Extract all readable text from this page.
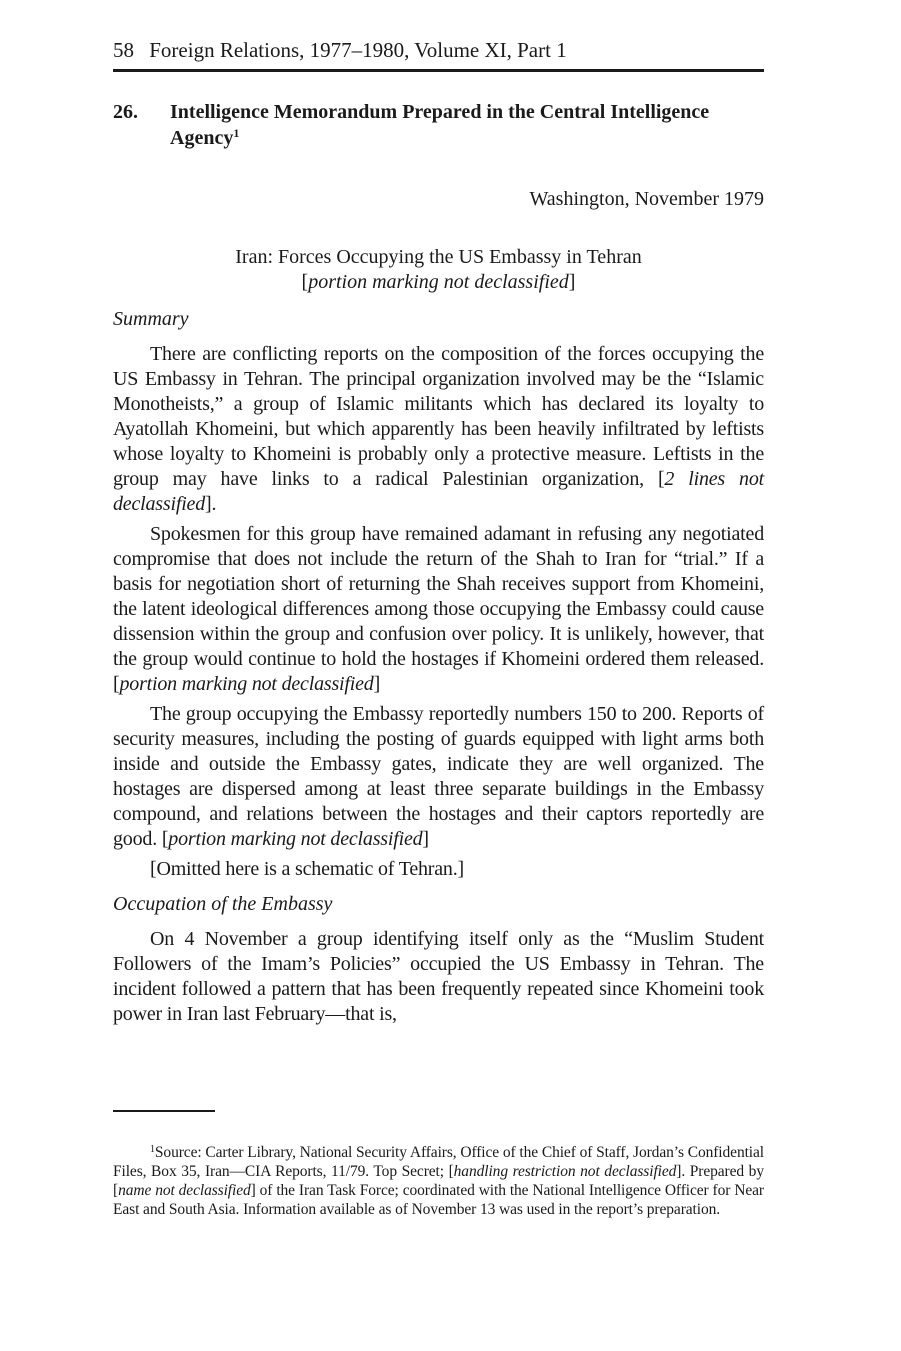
58 Foreign Relations, 1977–1980, Volume XI, Part 1
26. Intelligence Memorandum Prepared in the Central Intelligence Agency$^1$
Washington, November 1979
Iran: Forces Occupying the US Embassy in Tehran
[portion marking not declassified]
Summary

There are conflicting reports on the composition of the forces occupying the US Embassy in Tehran. The principal organization involved may be the “Islamic Monotheists,” a group of Islamic militants which has declared its loyalty to Ayatollah Khomeini, but which apparently has been heavily infiltrated by leftists whose loyalty to Khomeini is probably only a protective measure. Leftists in the group may have links to a radical Palestinian organization, [2 lines not declassified].

Spokesmen for this group have remained adamant in refusing any negotiated compromise that does not include the return of the Shah to Iran for “trial.” If a basis for negotiation short of returning the Shah receives support from Khomeini, the latent ideological differences among those occupying the Embassy could cause dissension within the group and confusion over policy. It is unlikely, however, that the group would continue to hold the hostages if Khomeini ordered them released. [portion marking not declassified]

The group occupying the Embassy reportedly numbers 150 to 200. Reports of security measures, including the posting of guards equipped with light arms both inside and outside the Embassy gates, indicate they are well organized. The hostages are dispersed among at least three separate buildings in the Embassy compound, and relations between the hostages and their captors reportedly are good. [portion marking not declassified]

[Omitted here is a schematic of Tehran.]

Occupation of the Embassy

On 4 November a group identifying itself only as the “Muslim Student Followers of the Imam’s Policies” occupied the US Embassy in Tehran. The incident followed a pattern that has been frequently repeated since Khomeini took power in Iran last February—that is,

$^1$Source: Carter Library, National Security Affairs, Office of the Chief of Staff, Jordan’s Confidential Files, Box 35, Iran—CIA Reports, 11/79. Top Secret; [handling restriction not declassified]. Prepared by [name not declassified] of the Iran Task Force; coordinated with the National Intelligence Officer for Near East and South Asia. Information available as of November 13 was used in the report’s preparation.
